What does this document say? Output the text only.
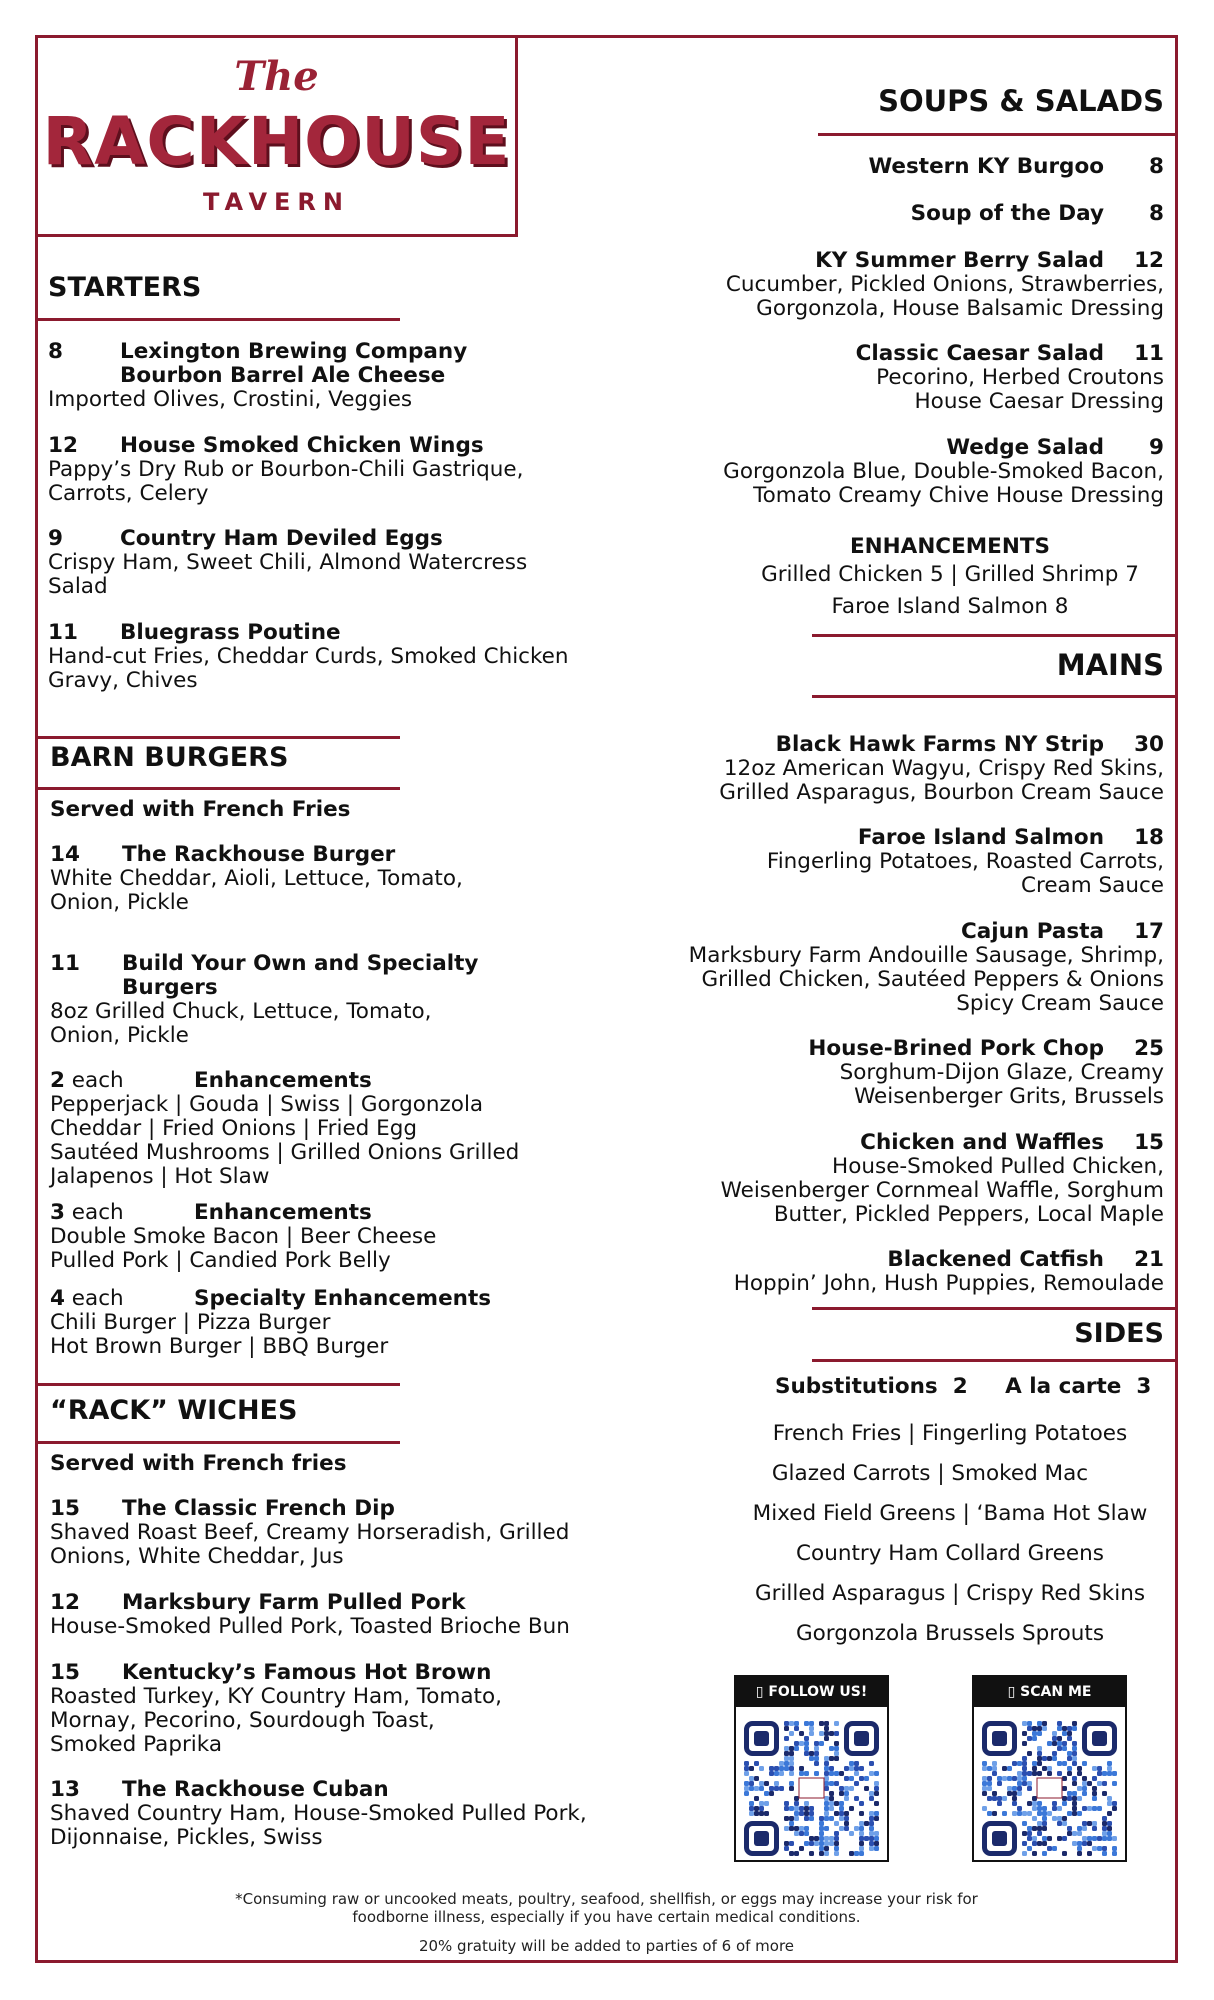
The
RACKHOUSE
TAVERN
STARTERS
8	Lexington Brewing Company
Bourbon Barrel Ale Cheese
Imported Olives, Crostini, Veggies
12	House Smoked Chicken Wings
Pappy’s Dry Rub or Bourbon-Chili Gastrique,
Carrots, Celery
9	Country Ham Deviled Eggs
Crispy Ham, Sweet Chili, Almond Watercress
Salad
11	Bluegrass Poutine
Hand-cut Fries, Cheddar Curds, Smoked Chicken
Gravy, Chives
BARN BURGERS
Served with French Fries
14	The Rackhouse Burger
White Cheddar, Aioli, Lettuce, Tomato,
Onion, Pickle
11	Build Your Own and Specialty
Burgers
8oz Grilled Chuck, Lettuce, Tomato,
Onion, Pickle
2 each	Enhancements
Pepperjack | Gouda | Swiss | Gorgonzola
Cheddar | Fried Onions | Fried Egg
Sautéed Mushrooms | Grilled Onions Grilled
Jalapenos | Hot Slaw
3 each	Enhancements
Double Smoke Bacon | Beer Cheese
Pulled Pork | Candied Pork Belly
4 each	Specialty Enhancements
Chili Burger | Pizza Burger
Hot Brown Burger | BBQ Burger
“RACK” WICHES
Served with French fries
15	The Classic French Dip
Shaved Roast Beef, Creamy Horseradish, Grilled
Onions, White Cheddar, Jus
12	Marksbury Farm Pulled Pork
House-Smoked Pulled Pork, Toasted Brioche Bun
15	Kentucky’s Famous Hot Brown
Roasted Turkey, KY Country Ham, Tomato,
Mornay, Pecorino, Sourdough Toast,
Smoked Paprika
13	The Rackhouse Cuban
Shaved Country Ham, House-Smoked Pulled Pork,
Dijonnaise, Pickles, Swiss
SOUPS & SALADS
Western KY Burgoo 8
Soup of the Day 8
KY Summer Berry Salad 12
Cucumber, Pickled Onions, Strawberries,
Gorgonzola, House Balsamic Dressing
Classic Caesar Salad 11
Pecorino, Herbed Croutons
House Caesar Dressing
Wedge Salad 9
Gorgonzola Blue, Double-Smoked Bacon,
Tomato Creamy Chive House Dressing
ENHANCEMENTS
Grilled Chicken 5 | Grilled Shrimp 7
Faroe Island Salmon 8
MAINS
Black Hawk Farms NY Strip 30
12oz American Wagyu, Crispy Red Skins,
Grilled Asparagus, Bourbon Cream Sauce
Faroe Island Salmon 18
Fingerling Potatoes, Roasted Carrots,
Cream Sauce
Cajun Pasta 17
Marksbury Farm Andouille Sausage, Shrimp,
Grilled Chicken, Sautéed Peppers & Onions
Spicy Cream Sauce
House-Brined Pork Chop 25
Sorghum-Dijon Glaze, Creamy
Weisenberger Grits, Brussels
Chicken and Waffles 15
House-Smoked Pulled Chicken,
Weisenberger Cornmeal Waffle, Sorghum
Butter, Pickled Peppers, Local Maple
Blackened Catfish 21
Hoppin’ John, Hush Puppies, Remoulade
SIDES
Substitutions 2 A la carte 3
French Fries | Fingerling Potatoes
Glazed Carrots | Smoked Mac
Mixed Field Greens | ‘Bama Hot Slaw
Country Ham Collard Greens
Grilled Asparagus | Crispy Red Skins
Gorgonzola Brussels Sprouts
▯ FOLLOW US!	▯ SCAN ME
*Consuming raw or uncooked meats, poultry, seafood, shellfish, or eggs may increase your risk for
foodborne illness, especially if you have certain medical conditions.
20% gratuity will be added to parties of 6 of more
